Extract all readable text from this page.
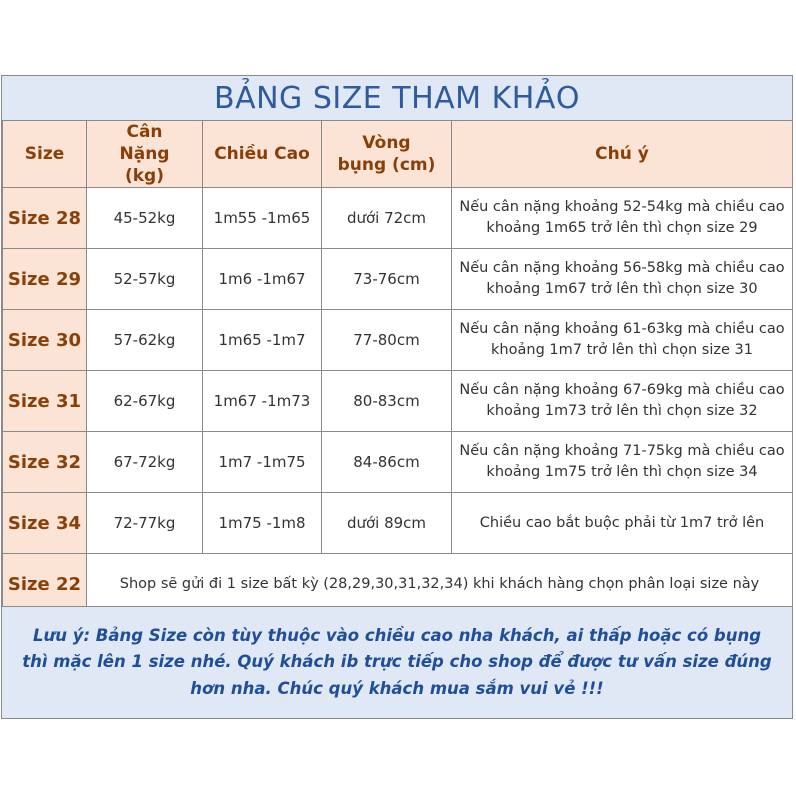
BẢNG SIZE THAM KHẢO
Size	Cân Nặng (kg)	Chiều Cao	Vòng bụng (cm)	Chú ý
Size 28	45-52kg	1m55 -1m65	dưới 72cm	Nếu cân nặng khoảng 52-54kg mà chiều cao khoảng 1m65 trở lên thì chọn size 29
Size 29	52-57kg	1m6 -1m67	73-76cm	Nếu cân nặng khoảng 56-58kg mà chiều cao khoảng 1m67 trở lên thì chọn size 30
Size 30	57-62kg	1m65 -1m7	77-80cm	Nếu cân nặng khoảng 61-63kg mà chiều cao khoảng 1m7 trở lên thì chọn size 31
Size 31	62-67kg	1m67 -1m73	80-83cm	Nếu cân nặng khoảng 67-69kg mà chiều cao khoảng 1m73 trở lên thì chọn size 32
Size 32	67-72kg	1m7 -1m75	84-86cm	Nếu cân nặng khoảng 71-75kg mà chiều cao khoảng 1m75 trở lên thì chọn size 34
Size 34	72-77kg	1m75 -1m8	dưới 89cm	Chiều cao bắt buộc phải từ 1m7 trở lên
Size 22	Shop sẽ gửi đi 1 size bất kỳ (28,29,30,31,32,34) khi khách hàng chọn phân loại size này			
Lưu ý: Bảng Size còn tùy thuộc vào chiều cao nha khách, ai thấp hoặc có bụng thì mặc lên 1 size nhé. Quý khách ib trực tiếp cho shop để được tư vấn size đúng hơn nha. Chúc quý khách mua sắm vui vẻ !!!
